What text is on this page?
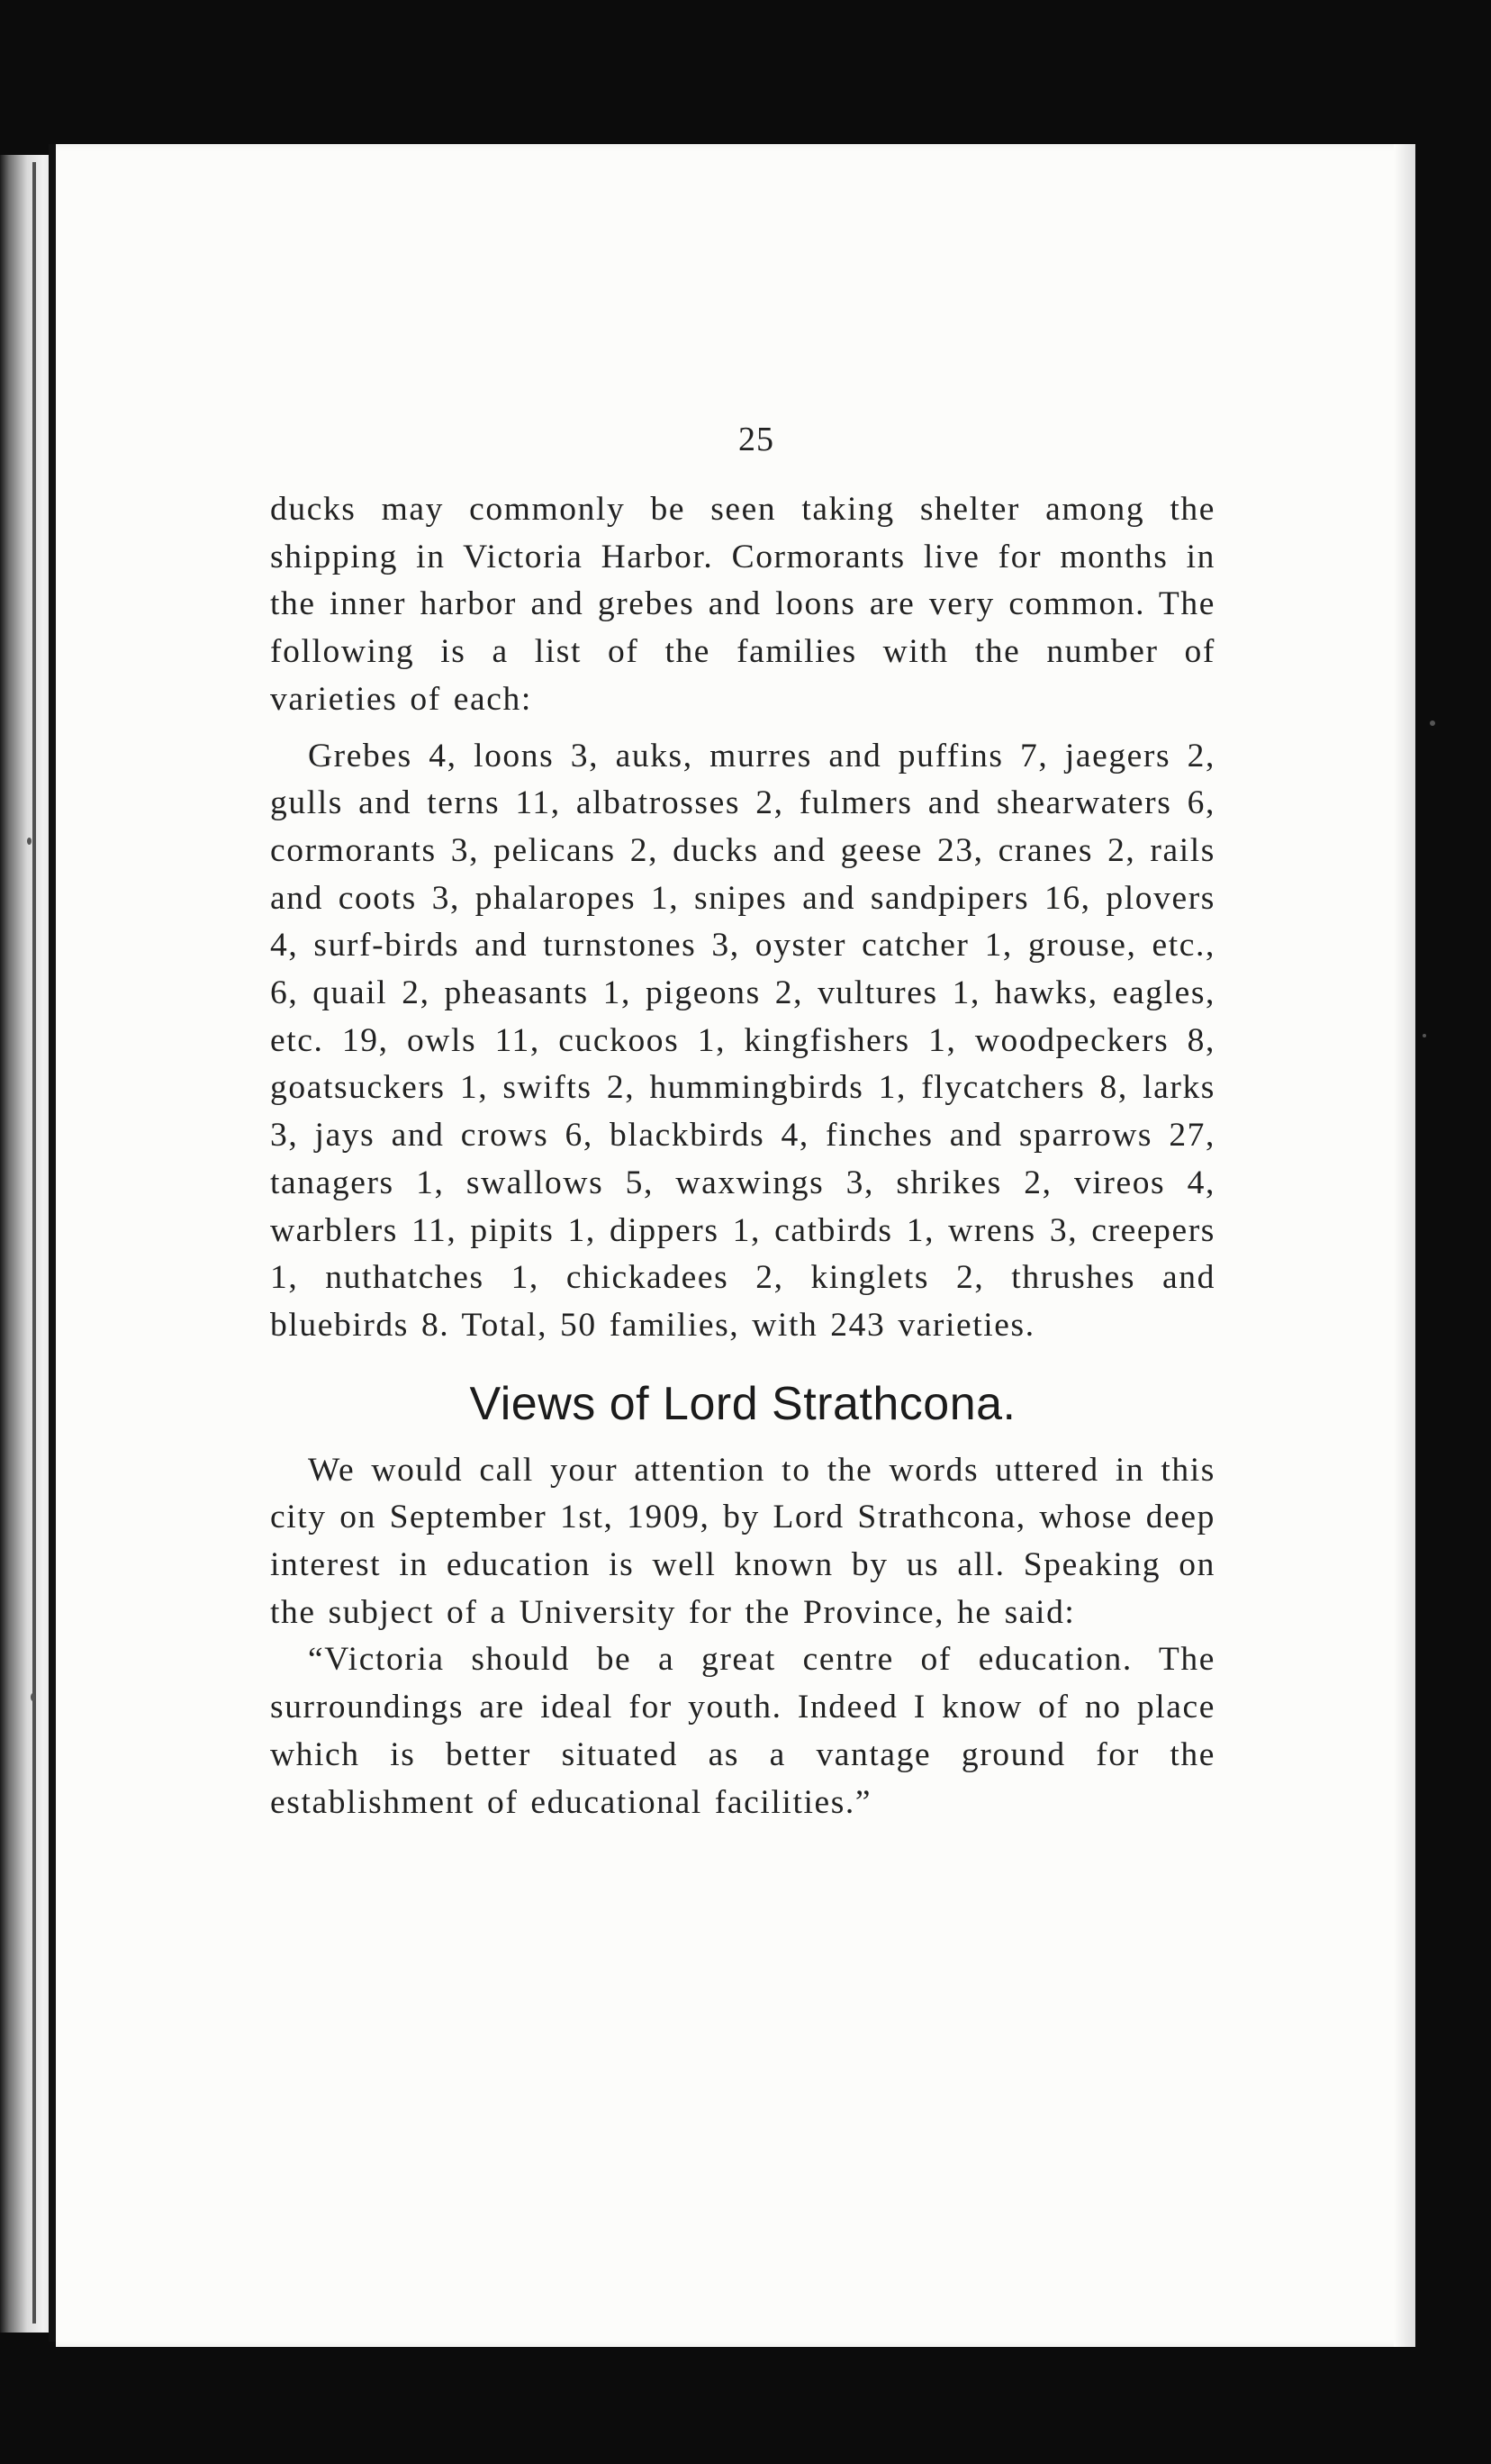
25

ducks may commonly be seen taking shelter among the shipping in Victoria Harbor. Cormorants live for months in the inner harbor and grebes and loons are very common. The following is a list of the families with the number of varieties of each:

Grebes 4, loons 3, auks, murres and puffins 7, jaegers 2, gulls and terns 11, albatrosses 2, fulmers and shearwaters 6, cormorants 3, pelicans 2, ducks and geese 23, cranes 2, rails and coots 3, phalaropes 1, snipes and sandpipers 16, plovers 4, surf-birds and turnstones 3, oyster catcher 1, grouse, etc., 6, quail 2, pheasants 1, pigeons 2, vultures 1, hawks, eagles, etc. 19, owls 11, cuckoos 1, kingfishers 1, woodpeckers 8, goatsuckers 1, swifts 2, hummingbirds 1, flycatchers 8, larks 3, jays and crows 6, blackbirds 4, finches and sparrows 27, tanagers 1, swallows 5, waxwings 3, shrikes 2, vireos 4, warblers 11, pipits 1, dippers 1, catbirds 1, wrens 3, creepers 1, nuthatches 1, chickadees 2, kinglets 2, thrushes and bluebirds 8. Total, 50 families, with 243 varieties.

Views of Lord Strathcona.

We would call your attention to the words uttered in this city on September 1st, 1909, by Lord Strathcona, whose deep interest in education is well known by us all. Speaking on the subject of a University for the Province, he said:

“Victoria should be a great centre of education. The surroundings are ideal for youth. Indeed I know of no place which is better situated as a vantage ground for the establishment of educational facilities.”
